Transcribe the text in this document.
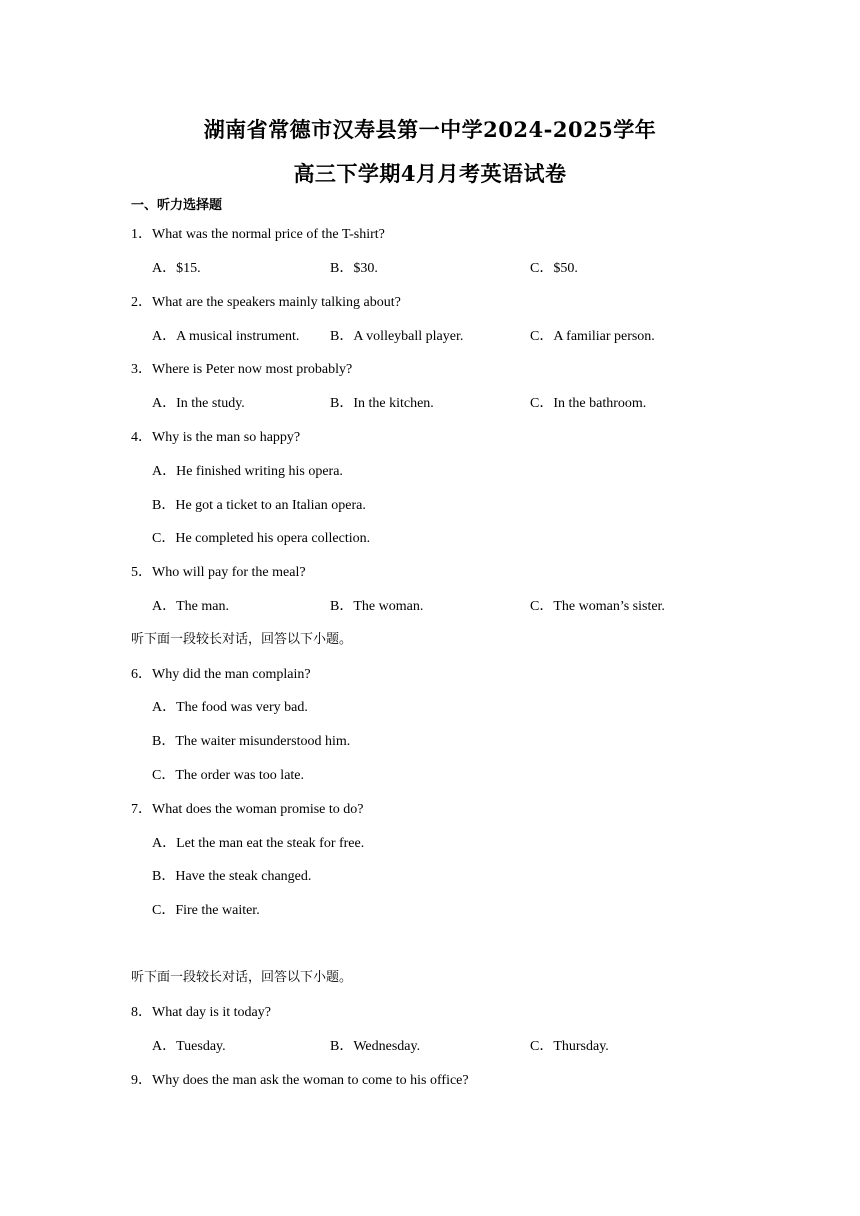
湖南省常德市汉寿县第一中学2024-2025学年
高三下学期4月月考英语试卷
一、听力选择题
1．What was the normal price of the T-shirt?
A．$15.	B．$30.	C．$50.
2．What are the speakers mainly talking about?
A．A musical instrument. B．A volleyball player.	C．A familiar person.
3．Where is Peter now most probably?
A．In the study.	B．In the kitchen.	C．In the bathroom.
4．Why is the man so happy?
A．He finished writing his opera.
B．He got a ticket to an Italian opera.
C．He completed his opera collection.
5．Who will pay for the meal?
A．The man.	B．The woman.	C．The woman’s sister.
听下面一段较长对话，回答以下小题。
6．Why did the man complain?
A．The food was very bad.
B．The waiter misunderstood him.
C．The order was too late.
7．What does the woman promise to do?
A．Let the man eat the steak for free.
B．Have the steak changed.
C．Fire the waiter.
听下面一段较长对话，回答以下小题。
8．What day is it today?
A．Tuesday.	B．Wednesday.	C．Thursday.
9．Why does the man ask the woman to come to his office?
